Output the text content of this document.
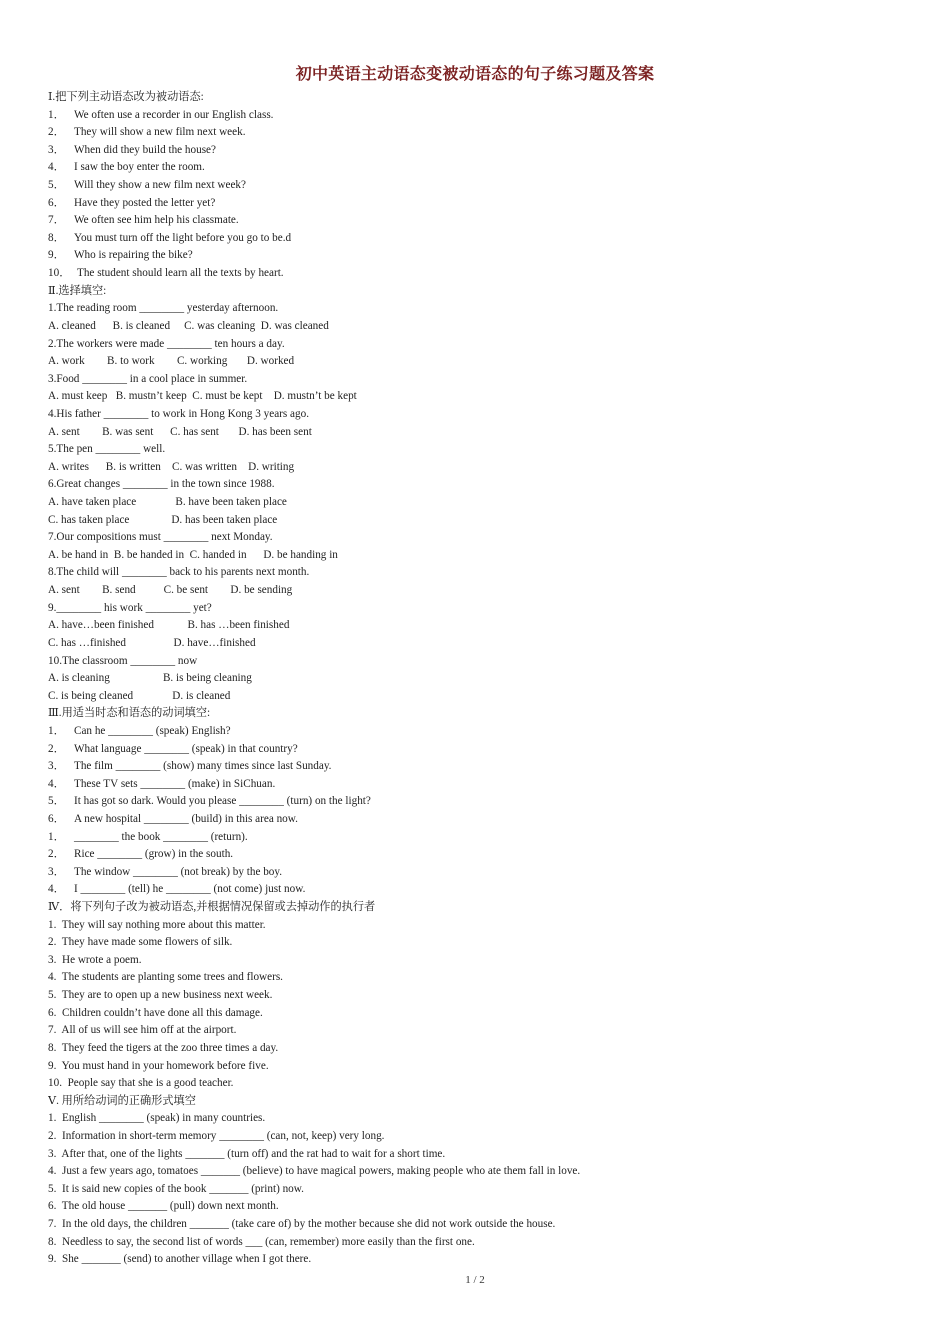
初中英语主动语态变被动语态的句子练习题及答案
Ⅰ.把下列主动语态改为被动语态:
1． We often use a recorder in our English class.
2． They will show a new film next week.
3． When did they build the house?
4． I saw the boy enter the room.
5． Will they show a new film next week?
6． Have they posted the letter yet?
7． We often see him help his classmate.
8． You must turn off the light before you go to be.d
9． Who is repairing the bike?
10． The student should learn all the texts by heart.
Ⅱ.选择填空:
1.The reading room ________ yesterday afternoon.
A. cleaned      B. is cleaned     C. was cleaning  D. was cleaned
2.The workers were made ________ ten hours a day.
A. work        B. to work        C. working       D. worked
3.Food ________ in a cool place in summer.
A. must keep   B. mustn’t keep  C. must be kept    D. mustn’t be kept
4.His father ________ to work in Hong Kong 3 years ago.
A. sent        B. was sent      C. has sent       D. has been sent
5.The pen ________ well.
A. writes      B. is written    C. was written    D. writing
6.Great changes ________ in the town since 1988.
A. have taken place              B. have been taken place
C. has taken place               D. has been taken place
7.Our compositions must ________ next Monday.
A. be hand in  B. be handed in  C. handed in      D. be handing in
8.The child will ________ back to his parents next month.
A. sent        B. send          C. be sent        D. be sending
9.________ his work ________ yet?
A. have…been finished            B. has …been finished
C. has …finished                 D. have…finished
10.The classroom ________ now
A. is cleaning                   B. is being cleaning
C. is being cleaned              D. is cleaned
Ⅲ.用适当时态和语态的动词填空:
1． Can he ________ (speak) English?
2． What language ________ (speak) in that country?
3． The film ________ (show) many times since last Sunday.
4． These TV sets ________ (make) in SiChuan.
5． It has got so dark. Would you please ________ (turn) on the light?
6． A new hospital ________ (build) in this area now.
1． ________ the book ________ (return).
2． Rice ________ (grow) in the south.
3． The window ________ (not break) by the boy.
4． I ________ (tell) he ________ (not come) just now.
Ⅳ．将下列句子改为被动语态,并根据情况保留或去掉动作的执行者
1.  They will say nothing more about this matter.
2.  They have made some flowers of silk.
3.  He wrote a poem.
4.  The students are planting some trees and flowers.
5.  They are to open up a new business next week.
6.  Children couldn’t have done all this damage.
7.  All of us will see him off at the airport.
8.  They feed the tigers at the zoo three times a day.
9.  You must hand in your homework before five.
10.  People say that she is a good teacher.
Ⅴ. 用所给动词的正确形式填空
1.  English ________ (speak) in many countries.
2.  Information in short-term memory ________ (can, not, keep) very long.
3.  After that, one of the lights _______ (turn off) and the rat had to wait for a short time.
4.  Just a few years ago, tomatoes _______ (believe) to have magical powers, making people who ate them fall in love.
5.  It is said new copies of the book _______ (print) now.
6.  The old house _______ (pull) down next month.
7.  In the old days, the children _______ (take care of) by the mother because she did not work outside the house.
8.  Needless to say, the second list of words ___ (can, remember) more easily than the first one.
9.  She _______ (send) to another village when I got there.
1 / 2
